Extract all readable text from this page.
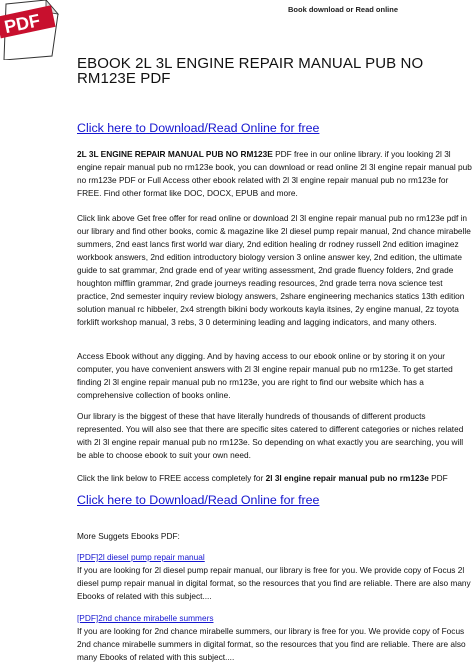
PDF
Book download or Read online
EBOOK 2L 3L ENGINE REPAIR MANUAL PUB NO
RM123E PDF
Click here to Download/Read Online for free

2L 3L ENGINE REPAIR MANUAL PUB NO RM123E PDF free in our online library. if you looking 2l 3l engine repair manual pub no rm123e book, you can download or read online 2l 3l engine repair manual pub no rm123e PDF or Full Access other ebook related with 2l 3l engine repair manual pub no rm123e for FREE. Find other format like DOC, DOCX, EPUB and more.

Click link above Get free offer for read online or download 2l 3l engine repair manual pub no rm123e pdf in our library and find other books, comic & magazine like 2l diesel pump repair manual, 2nd chance mirabelle summers, 2nd east lancs first world war diary, 2nd edition healing dr rodney russell 2nd edition imaginez workbook answers, 2nd edition introductory biology version 3 online answer key, 2nd edition, the ultimate guide to sat grammar, 2nd grade end of year writing assessment, 2nd grade fluency folders, 2nd grade houghton mifflin grammar, 2nd grade journeys reading resources, 2nd grade terra nova science test practice, 2nd semester inquiry review biology answers, 2share engineering mechanics statics 13th edition solution manual rc hibbeler, 2x4 strength bikini body workouts kayla itsines, 2y engine manual, 2z toyota forklift workshop manual, 3 rebs, 3 0 determining leading and lagging indicators, and many others.

Access Ebook without any digging. And by having access to our ebook online or by storing it on your computer, you have convenient answers with 2l 3l engine repair manual pub no rm123e. To get started finding 2l 3l engine repair manual pub no rm123e, you are right to find our website which has a comprehensive collection of books online.

Our library is the biggest of these that have literally hundreds of thousands of different products represented. You will also see that there are specific sites catered to different categories or niches related with 2l 3l engine repair manual pub no rm123e. So depending on what exactly you are searching, you will be able to choose ebook to suit your own need.

Click the link below to FREE access completely for 2l 3l engine repair manual pub no rm123e PDF

Click here to Download/Read Online for free
More Suggets Ebooks PDF:
[PDF]2l diesel pump repair manual

If you are looking for 2l diesel pump repair manual, our library is free for you. We provide copy of Focus 2l diesel pump repair manual in digital format, so the resources that you find are reliable. There are also many Ebooks of related with this subject....

[PDF]2nd chance mirabelle summers

If you are looking for 2nd chance mirabelle summers, our library is free for you. We provide copy of Focus 2nd chance mirabelle summers in digital format, so the resources that you find are reliable. There are also many Ebooks of related with this subject....
